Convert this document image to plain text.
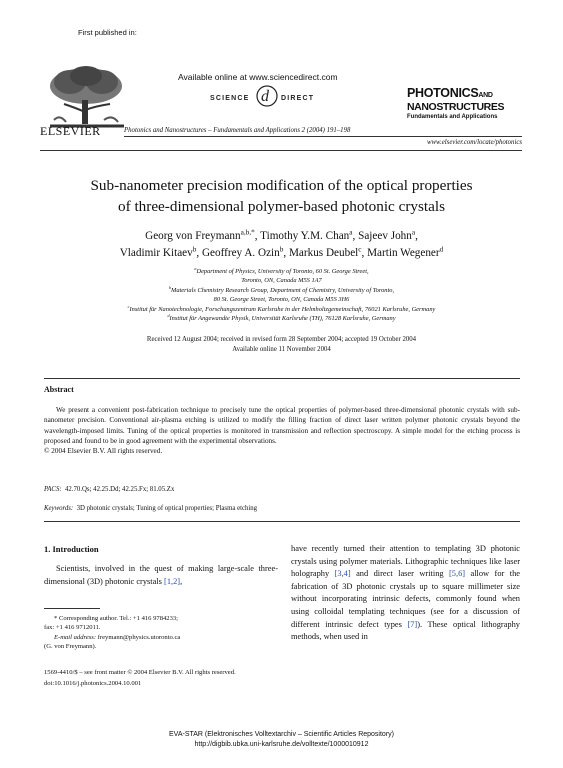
First published in:
ELSEVIER
Available online at www.sciencedirect.com
SCIENCE d DIRECT
Photonics and Nanostructures – Fundamentals and Applications 2 (2004) 191–198
PHOTONICSAND
NANOSTRUCTURES
Fundamentals and Applications
www.elsevier.com/locate/photonics
Sub-nanometer precision modification of the optical properties
of three-dimensional polymer-based photonic crystals
Georg von Freymann$^{a,b,*}$, Timothy Y.M. Chan$^a$, Sajeev John$^a$,
Vladimir Kitaev$^b$, Geoffrey A. Ozin$^b$, Markus Deubel$^c$, Martin Wegener$^d$
$^a$Department of Physics, University of Toronto, 60 St. George Street,
Toronto, ON, Canada M5S 1A7
$^b$Materials Chemistry Research Group, Department of Chemistry, University of Toronto,
80 St. George Street, Toronto, ON, Canada M5S 3H6
$^c$Institut für Nanotechnologie, Forschungszentrum Karlsruhe in der Helmholtzgemeinschaft, 76021 Karlsruhe, Germany
$^d$Institut für Angewandte Physik, Universität Karlsruhe (TH), 76128 Karlsruhe, Germany
Received 12 August 2004; received in revised form 28 September 2004; accepted 19 October 2004
Available online 11 November 2004
Abstract
We present a convenient post-fabrication technique to precisely tune the optical properties of polymer-based three-dimensional photonic crystals with sub-nanometer precision. Conventional air-plasma etching is utilized to modify the filling fraction of direct laser written polymer photonic crystals beyond the wavelength-imposed limits. Tuning of the optical properties is monitored in transmission and reflection spectroscopy. A simple model for the etching process is proposed and found to be in good agreement with the experimental observations.
© 2004 Elsevier B.V. All rights reserved.
PACS: 42.70.Qs; 42.25.Dd; 42.25.Fx; 81.05.Zx
Keywords: 3D photonic crystals; Tuning of optical properties; Plasma etching
1. Introduction
Scientists, involved in the quest of making large-scale three-dimensional (3D) photonic crystals [1,2],
have recently turned their attention to templating 3D photonic crystals using polymer materials. Lithographic techniques like laser holography [3,4] and direct laser writing [5,6] allow for the fabrication of 3D photonic crystals up to square millimeter size without incorporating intrinsic defects, commonly found when using colloidal templating techniques (see for a discussion of different intrinsic defect types [7]). These optical lithography methods, when used in
* Corresponding author. Tel.: +1 416 9784233;
fax: +1 416 9712011.
E-mail address: freymann@physics.utoronto.ca
(G. von Freymann).
1569-4410/$ – see front matter © 2004 Elsevier B.V. All rights reserved.
doi:10.1016/j.photonics.2004.10.001
EVA-STAR (Elektronisches Volltextarchiv – Scientific Articles Repository)
http://digbib.ubka.uni-karlsruhe.de/volltexte/1000010912
